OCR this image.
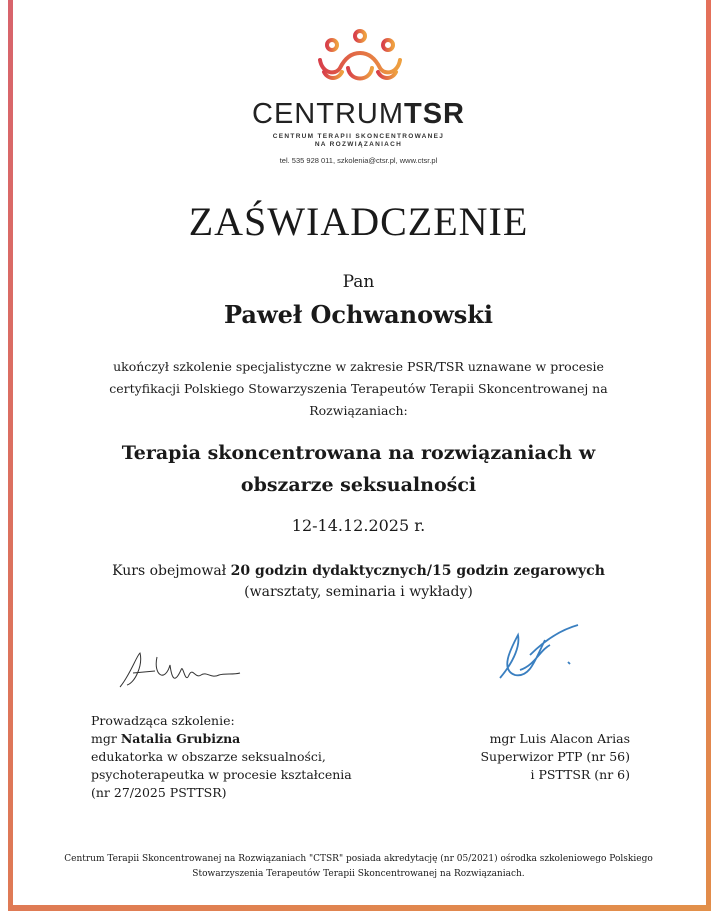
CENTRUMTSR
CENTRUM TERAPII SKONCENTROWANEJ
NA ROZWIĄZANIACH
tel. 535 928 011, szkolenia@ctsr.pl, www.ctsr.pl
ZAŚWIADCZENIE
Pan
Paweł Ochwanowski
ukończył szkolenie specjalistyczne w zakresie PSR/TSR uznawane w procesie certyfikacji Polskiego Stowarzyszenia Terapeutów Terapii Skoncentrowanej na Rozwiązaniach:
Terapia skoncentrowana na rozwiązaniach w
obszarze seksualności
12-14.12.2025 r.
Kurs obejmował 20 godzin dydaktycznych/15 godzin zegarowych
(warsztaty, seminaria i wykłady)
Prowadząca szkolenie:
mgr Natalia Grubizna
edukatorka w obszarze seksualności,
psychoterapeutka w procesie kształcenia
(nr 27/2025 PSTTSR)
mgr Luis Alacon Arias
Superwizor PTP (nr 56)
i PSTTSR (nr 6)
Centrum Terapii Skoncentrowanej na Rozwiązaniach "CTSR" posiada akredytację (nr 05/2021) ośrodka szkoleniowego Polskiego Stowarzyszenia Terapeutów Terapii Skoncentrowanej na Rozwiązaniach.
